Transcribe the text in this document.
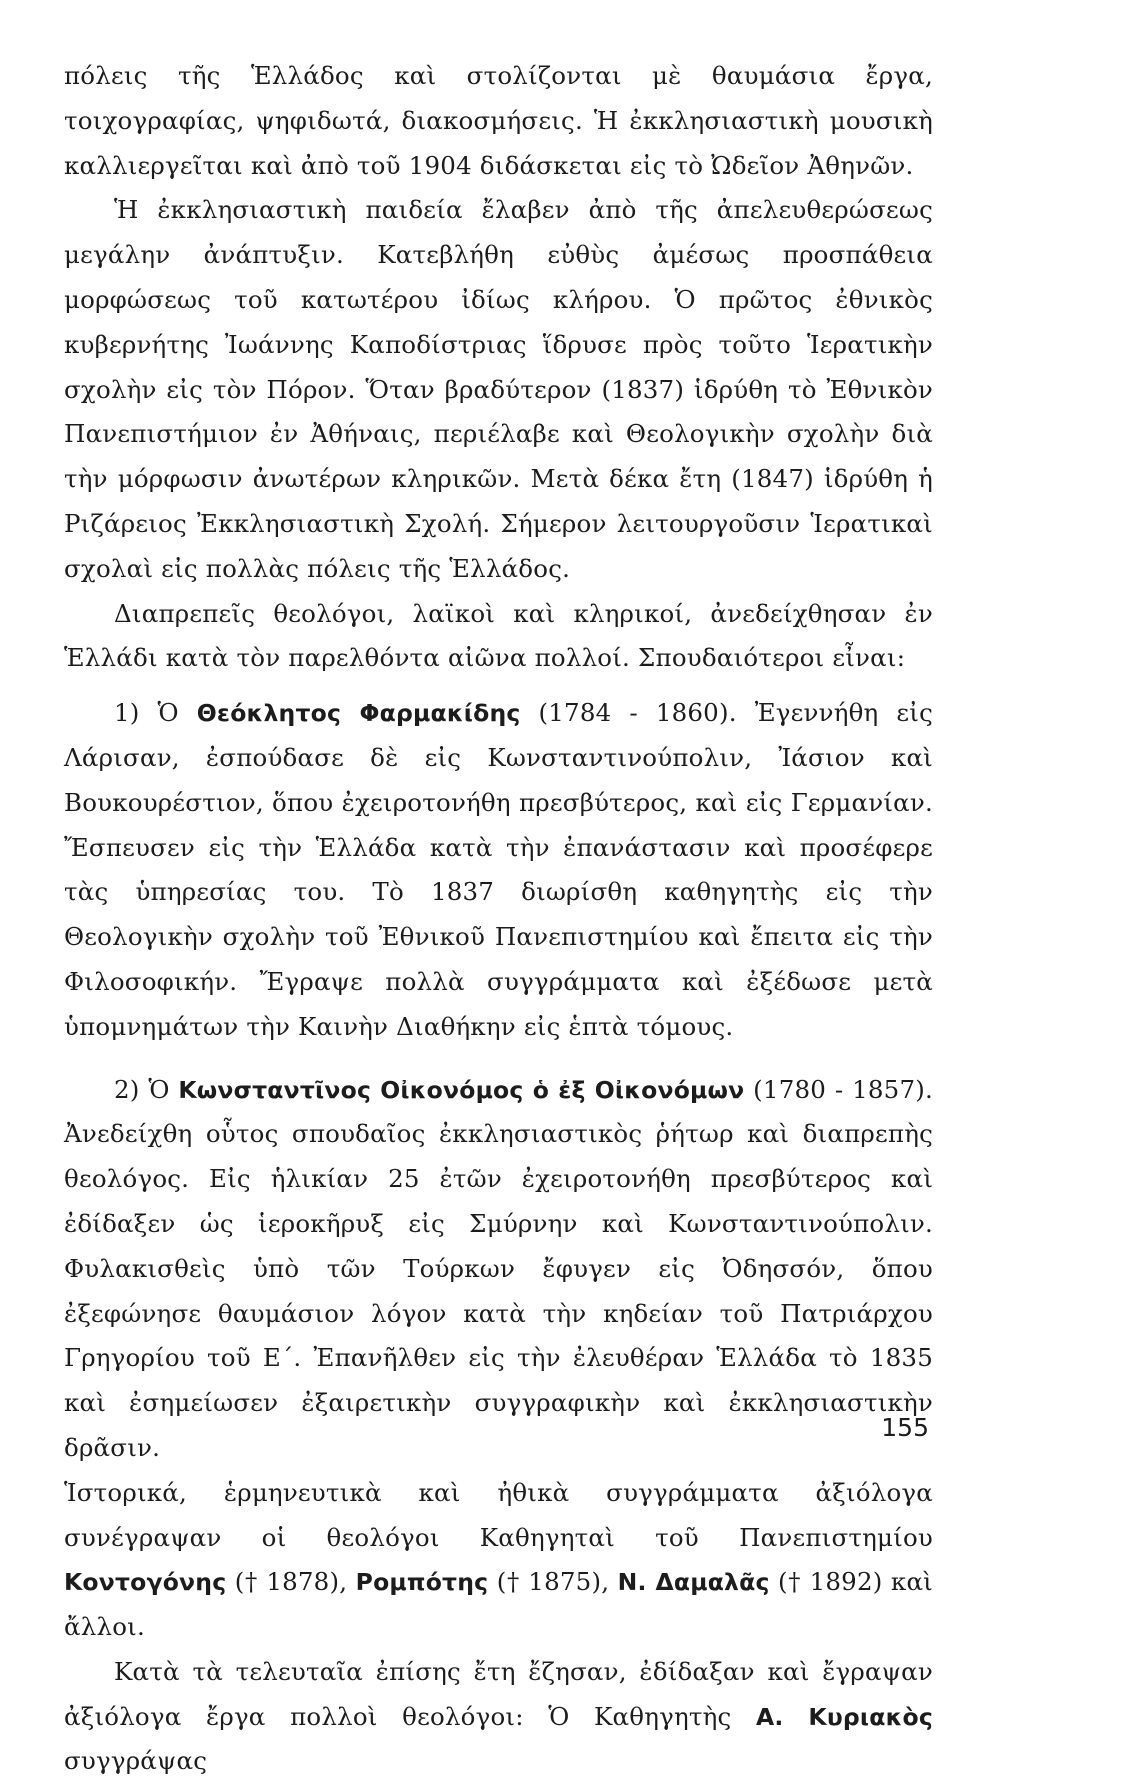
πόλεις τῆς Ἑλλάδος καὶ στολίζονται μὲ θαυμάσια ἔργα, τοιχογραφίας, ψηφιδωτά, διακοσμήσεις. Ἡ ἐκκλησιαστικὴ μουσικὴ καλλιεργεῖται καὶ ἀπὸ τοῦ 1904 διδάσκεται εἰς τὸ Ὠδεῖον Ἀθηνῶν.

Ἡ ἐκκλησιαστικὴ παιδεία ἔλαβεν ἀπὸ τῆς ἀπελευθερώσεως μεγάλην ἀνάπτυξιν. Κατεβλήθη εὐθὺς ἀμέσως προσπάθεια μορφώσεως τοῦ κατωτέρου ἰδίως κλήρου. Ὁ πρῶτος ἐθνικὸς κυβερνήτης Ἰωάννης Καποδίστριας ἵδρυσε πρὸς τοῦτο Ἱερατικὴν σχολὴν εἰς τὸν Πόρον. Ὅταν βραδύτερον (1837) ἱδρύθη τὸ Ἐθνικὸν Πανεπιστήμιον ἐν Ἀθήναις, περιέλαβε καὶ Θεολογικὴν σχολὴν διὰ τὴν μόρφωσιν ἀνωτέρων κληρικῶν. Μετὰ δέκα ἔτη (1847) ἱδρύθη ἡ Ριζάρειος Ἐκκλησιαστικὴ Σχολή. Σήμερον λειτουργοῦσιν Ἱερατικαὶ σχολαὶ εἰς πολλὰς πόλεις τῆς Ἑλλάδος.

Διαπρεπεῖς θεολόγοι, λαϊκοὶ καὶ κληρικοί, ἀνεδείχθησαν ἐν Ἑλλάδι κατὰ τὸν παρελθόντα αἰῶνα πολλοί. Σπουδαιότεροι εἶναι:

1) Ὁ Θεόκλητος Φαρμακίδης (1784 - 1860). Ἐγεννήθη εἰς Λάρισαν, ἐσπούδασε δὲ εἰς Κωνσταντινούπολιν, Ἰάσιον καὶ Βουκουρέστιον, ὅπου ἐχειροτονήθη πρεσβύτερος, καὶ εἰς Γερμανίαν. Ἔσπευσεν εἰς τὴν Ἑλλάδα κατὰ τὴν ἐπανάστασιν καὶ προσέφερε τὰς ὑπηρεσίας του. Τὸ 1837 διωρίσθη καθηγητὴς εἰς τὴν Θεολογικὴν σχολὴν τοῦ Ἐθνικοῦ Πανεπιστημίου καὶ ἔπειτα εἰς τὴν Φιλοσοφικήν. Ἔγραψε πολλὰ συγγράμματα καὶ ἐξέδωσε μετὰ ὑπομνημάτων τὴν Καινὴν Διαθήκην εἰς ἑπτὰ τόμους.

2) Ὁ Κωνσταντῖνος Οἰκονόμος ὁ ἐξ Οἰκονόμων (1780 - 1857). Ἀνεδείχθη οὗτος σπουδαῖος ἐκκλησιαστικὸς ῥήτωρ καὶ διαπρεπὴς θεολόγος. Εἰς ἡλικίαν 25 ἐτῶν ἐχειροτονήθη πρεσβύτερος καὶ ἐδίδαξεν ὡς ἱεροκῆρυξ εἰς Σμύρνην καὶ Κωνσταντινούπολιν. Φυλακισθεὶς ὑπὸ τῶν Τούρκων ἔφυγεν εἰς Ὀδησσόν, ὅπου ἐξεφώνησε θαυμάσιον λόγον κατὰ τὴν κηδείαν τοῦ Πατριάρχου Γρηγορίου τοῦ Ε΄. Ἐπανῆλθεν εἰς τὴν ἐλευθέραν Ἑλλάδα τὸ 1835 καὶ ἐσημείωσεν ἐξαιρετικὴν συγγραφικὴν καὶ ἐκκλησιαστικὴν δρᾶσιν.

Ἱστορικά, ἑρμηνευτικὰ καὶ ἠθικὰ συγγράμματα ἀξιόλογα συνέγραψαν οἱ θεολόγοι Καθηγηταὶ τοῦ Πανεπιστημίου Κοντογόνης († 1878), Ρομπότης († 1875), Ν. Δαμαλᾶς († 1892) καὶ ἄλλοι.

Κατὰ τὰ τελευταῖα ἐπίσης ἔτη ἔζησαν, ἐδίδαξαν καὶ ἔγραψαν ἀξιόλογα ἔργα πολλοὶ θεολόγοι: Ὁ Καθηγητὴς Α. Κυριακὸς συγγράψας

155
